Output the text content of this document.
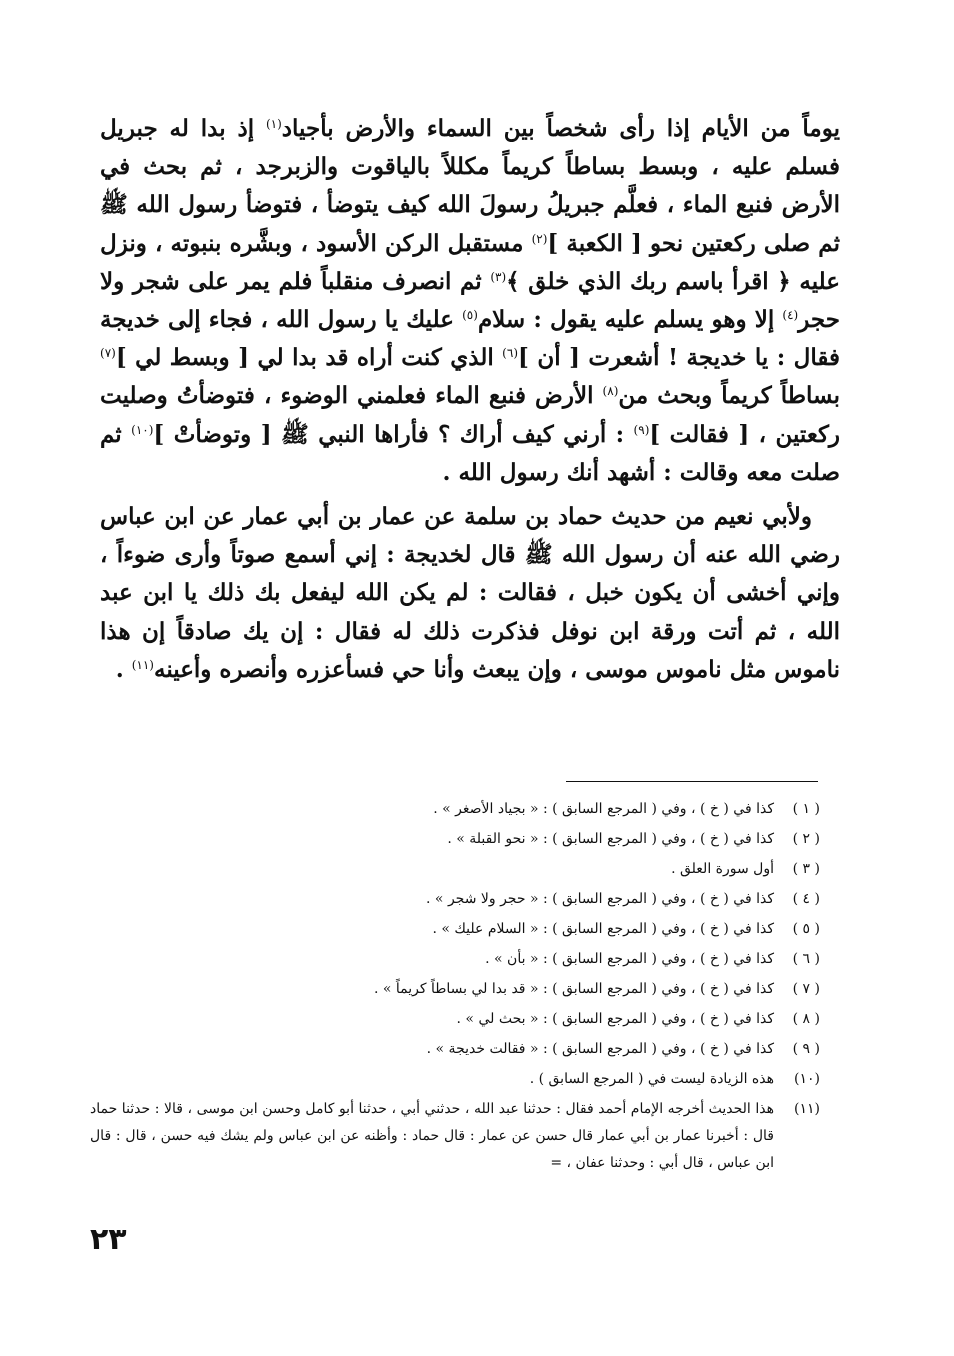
يوماً من الأيام إذا رأى شخصاً بين السماء والأرض بأجياد$^{(١)}$ إذ بدا له جبريل فسلم عليه ، وبسط بساطاً كريماً مكللاً بالياقوت والزبرجد ، ثم بحث في الأرض فنبع الماء ، فعلَّم جبريلُ رسولَ الله كيف يتوضأ ، فتوضأ رسول الله ﷺ ثم صلى ركعتين نحو [ الكعبة ]$^{(٢)}$ مستقبل الركن الأسود ، وبشَّره بنبوته ، ونزل عليه ﴿ اقرأ باسم ربك الذي خلق ﴾$^{(٣)}$ ثم انصرف منقلباً فلم يمر على شجر ولا حجر$^{(٤)}$ إلا وهو يسلم عليه يقول : سلام$^{(٥)}$ عليك يا رسول الله ، فجاء إلى خديجة فقال : يا خديجة ! أشعرت [ أن ]$^{(٦)}$ الذي كنت أراه قد بدا لي [ وبسط لي ]$^{(٧)}$ بساطاً كريماً وبحث من$^{(٨)}$ الأرض فنبع الماء فعلمني الوضوء ، فتوضأتُ وصليت ركعتين ، [ فقالت ]$^{(٩)}$ : أرني كيف أراك ؟ فأراها النبي ﷺ [ وتوضأتْ ]$^{(١٠)}$ ثم صلت معه وقالت : أشهد أنك رسول الله .

ولأبي نعيم من حديث حماد بن سلمة عن عمار بن أبي عمار عن ابن عباس رضي الله عنه أن رسول الله ﷺ قال لخديجة : إني أسمع صوتاً وأرى ضوءاً ، وإني أخشى أن يكون خبل ، فقالت : لم يكن الله ليفعل بك ذلك يا ابن عبد الله ، ثم أتت ورقة ابن نوفل فذكرت ذلك له فقال : إن يك صادقاً إن هذا ناموس مثل ناموس موسى ، وإن يبعث وأنا حي فسأعزره وأنصره وأعينه$^{(١١)}$ .

( ١ )
كذا في ( خ ) ، وفي ( المرجع السابق ) : « بجياد الأصغر » .
( ٢ )
كذا في ( خ ) ، وفي ( المرجع السابق ) : « نحو القبلة » .
( ٣ )
أول سورة العلق .
( ٤ )
كذا في ( خ ) ، وفي ( المرجع السابق ) : « حجر ولا شجر » .
( ٥ )
كذا في ( خ ) ، وفي ( المرجع السابق ) : « السلام عليك » .
( ٦ )
كذا في ( خ ) ، وفي ( المرجع السابق ) : « بأن » .
( ٧ )
كذا في ( خ ) ، وفي ( المرجع السابق ) : « قد بدا لي بساطاً كريماً » .
( ٨ )
كذا في ( خ ) ، وفي ( المرجع السابق ) : « بحث لي » .
( ٩ )
كذا في ( خ ) ، وفي ( المرجع السابق ) : « فقالت خديجة » .
(١٠)
هذه الزيادة ليست في ( المرجع السابق ) .
(١١)
هذا الحديث أخرجه الإمام أحمد فقال : حدثنا عبد الله ، حدثني أبي ، حدثنا أبو كامل وحسن ابن موسى ، قالا : حدثنا حماد قال : أخبرنا عمار بن أبي عمار قال حسن عن عمار : قال حماد : وأظنه عن ابن عباس ولم يشك فيه حسن ، قال : قال ابن عباس ، قال أبي : وحدثنا عفان ، =
٢٣
